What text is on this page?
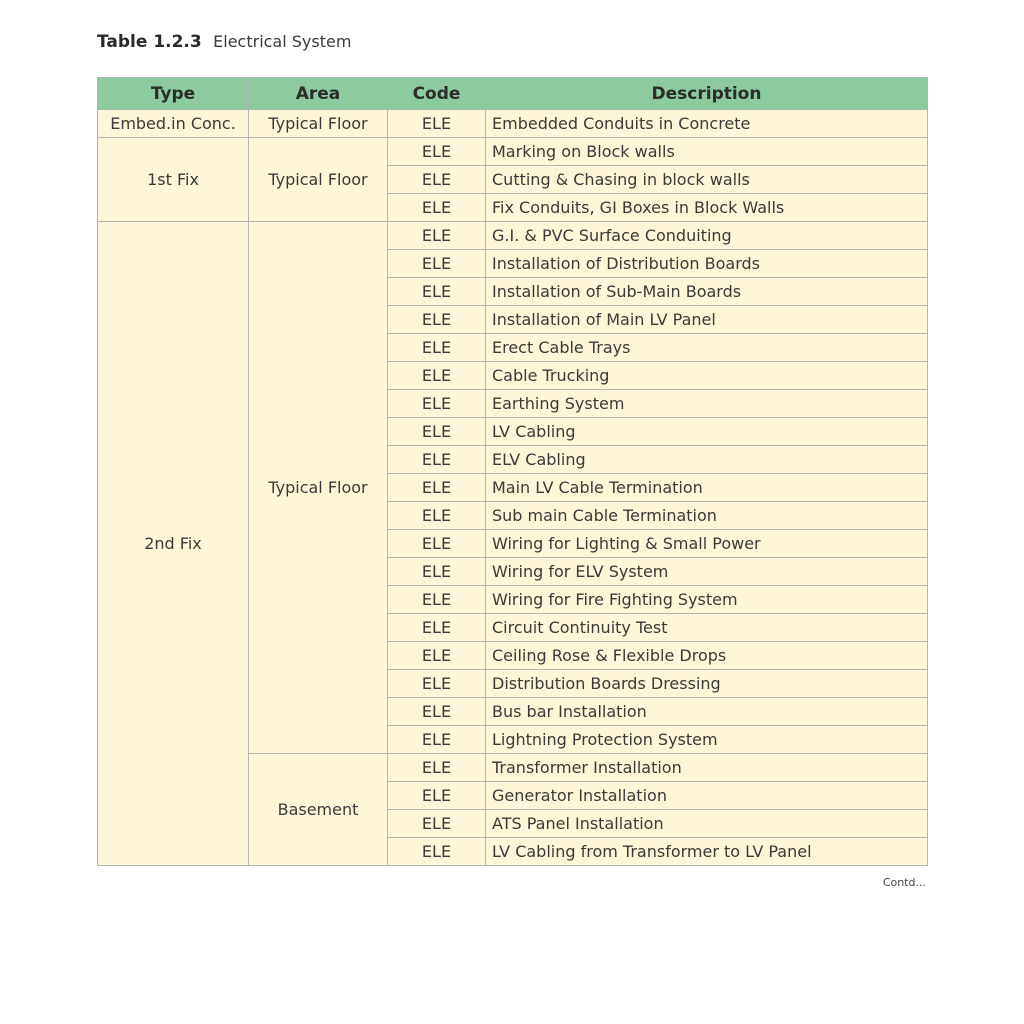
Table 1.2.3 Electrical System
Type	Area	Code	Description
Embed.in Conc.	Typical Floor	ELE	Embedded Conduits in Concrete
1st Fix	Typical Floor	ELE	Marking on Block walls
		ELE	Cutting & Chasing in block walls
		ELE	Fix Conduits, GI Boxes in Block Walls
2nd Fix	Typical Floor	ELE	G.I. & PVC Surface Conduiting
		ELE	Installation of Distribution Boards
		ELE	Installation of Sub-Main Boards
		ELE	Installation of Main LV Panel
		ELE	Erect Cable Trays
		ELE	Cable Trucking
		ELE	Earthing System
		ELE	LV Cabling
		ELE	ELV Cabling
		ELE	Main LV Cable Termination
		ELE	Sub main Cable Termination
		ELE	Wiring for Lighting & Small Power
		ELE	Wiring for ELV System
		ELE	Wiring for Fire Fighting System
		ELE	Circuit Continuity Test
		ELE	Ceiling Rose & Flexible Drops
		ELE	Distribution Boards Dressing
		ELE	Bus bar Installation
		ELE	Lightning Protection System
	Basement	ELE	Transformer Installation
		ELE	Generator Installation
		ELE	ATS Panel Installation
		ELE	LV Cabling from Transformer to LV Panel
Contd...
